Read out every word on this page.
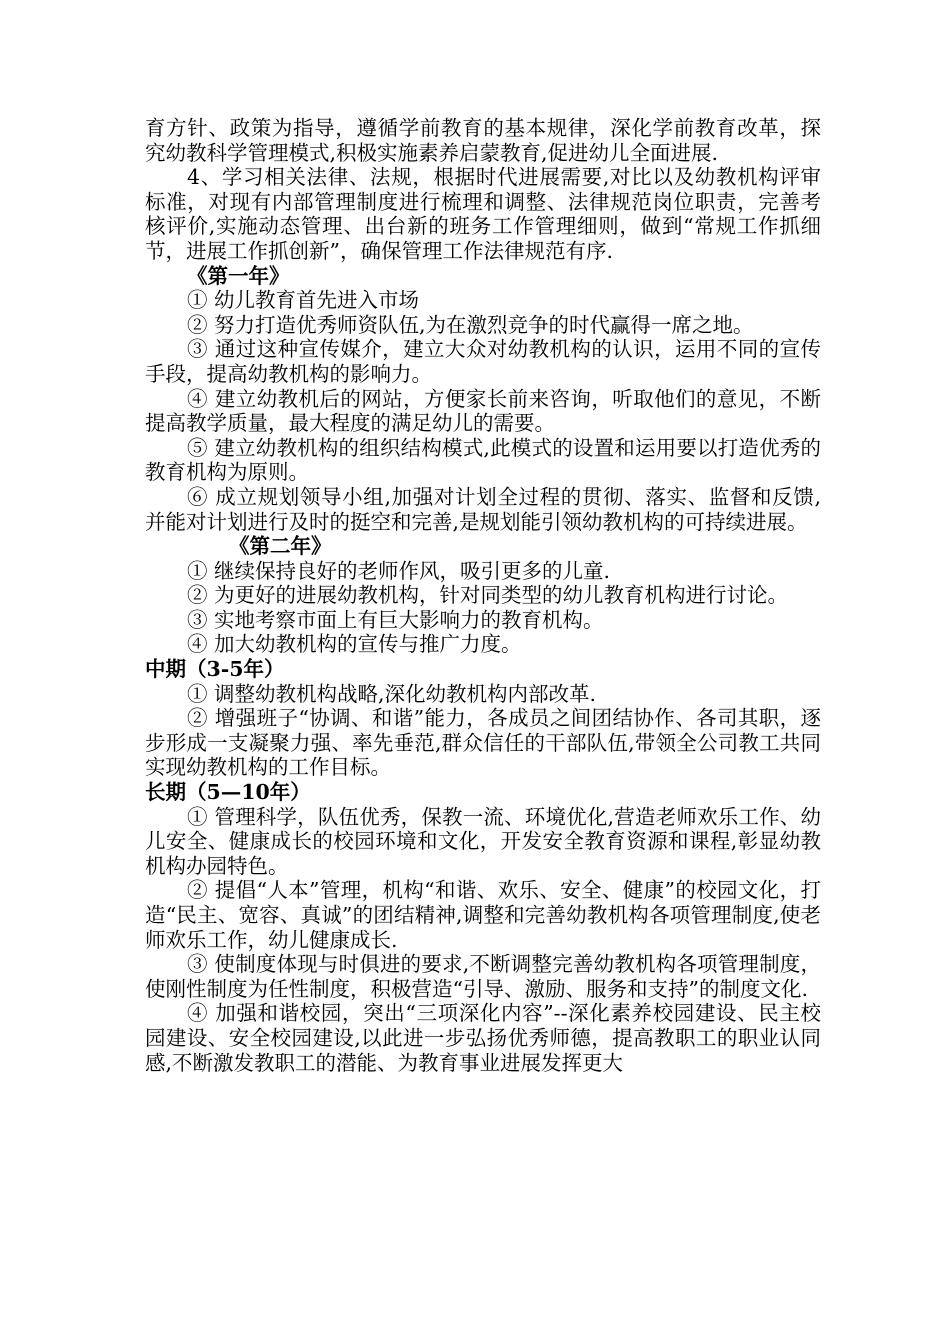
育方针、政策为指导，遵循学前教育的基本规律，深化学前教育改革，探究幼教科学管理模式,积极实施素养启蒙教育,促进幼儿全面进展.

4、学习相关法律、法规，根据时代进展需要,对比以及幼教机构评审标准，对现有内部管理制度进行梳理和调整、法律规范岗位职责，完善考核评价,实施动态管理、出台新的班务工作管理细则，做到“常规工作抓细节，进展工作抓创新”，确保管理工作法律规范有序.

《第一年》

① 幼儿教育首先进入市场

② 努力打造优秀师资队伍,为在激烈竞争的时代赢得一席之地。

③ 通过这种宣传媒介，建立大众对幼教机构的认识，运用不同的宣传手段，提高幼教机构的影响力。

④ 建立幼教机后的网站，方便家长前来咨询，听取他们的意见，不断提高教学质量，最大程度的满足幼儿的需要。

⑤ 建立幼教机构的组织结构模式,此模式的设置和运用要以打造优秀的教育机构为原则。

⑥ 成立规划领导小组,加强对计划全过程的贯彻、落实、监督和反馈,并能对计划进行及时的挺空和完善,是规划能引领幼教机构的可持续进展。

《第二年》

① 继续保持良好的老师作风，吸引更多的儿童.

② 为更好的进展幼教机构，针对同类型的幼儿教育机构进行讨论。

③ 实地考察市面上有巨大影响力的教育机构。

④ 加大幼教机构的宣传与推广力度。

中期（3-5年）

① 调整幼教机构战略,深化幼教机构内部改革.

② 增强班子“协调、和谐”能力，各成员之间团结协作、各司其职，逐步形成一支凝聚力强、率先垂范,群众信任的干部队伍,带领全公司教工共同实现幼教机构的工作目标。

长期（5—10年）

① 管理科学，队伍优秀，保教一流、环境优化,营造老师欢乐工作、幼儿安全、健康成长的校园环境和文化，开发安全教育资源和课程,彰显幼教机构办园特色。

② 提倡“人本”管理，机构“和谐、欢乐、安全、健康”的校园文化，打造“民主、宽容、真诚”的团结精神,调整和完善幼教机构各项管理制度,使老师欢乐工作，幼儿健康成长.

③ 使制度体现与时俱进的要求,不断调整完善幼教机构各项管理制度，使刚性制度为任性制度，积极营造“引导、激励、服务和支持”的制度文化.

④ 加强和谐校园，突出“三项深化内容”--深化素养校园建设、民主校园建设、安全校园建设,以此进一步弘扬优秀师德，提高教职工的职业认同感,不断激发教职工的潜能、为教育事业进展发挥更大
